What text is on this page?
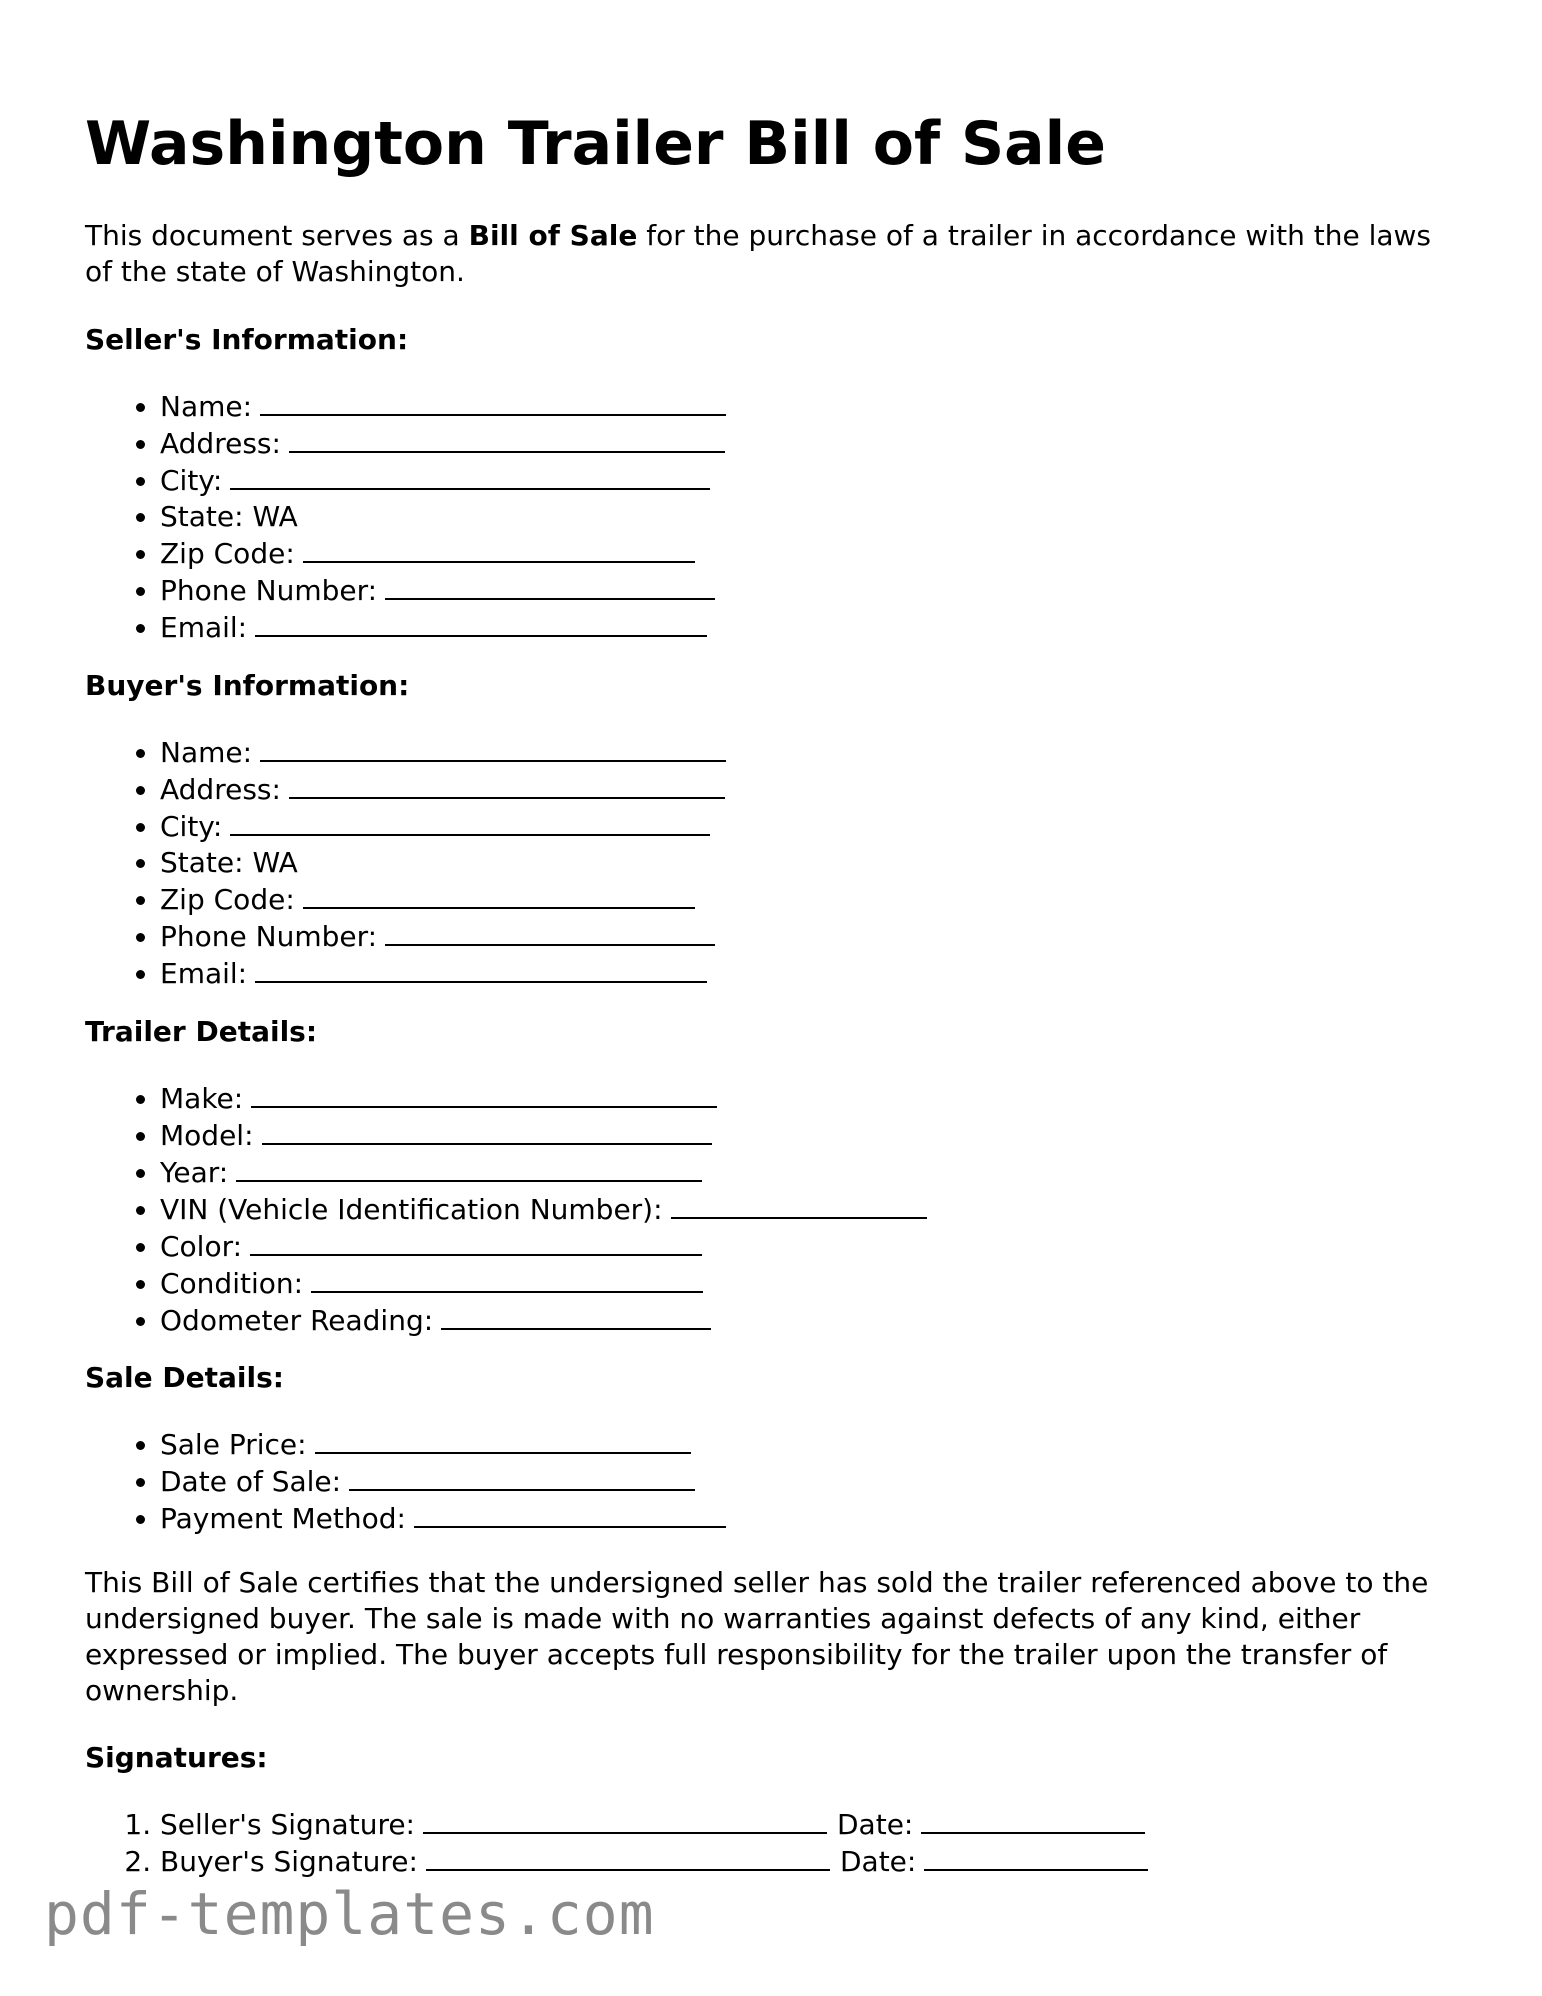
Washington Trailer Bill of Sale

This document serves as a Bill of Sale for the purchase of a trailer in accordance with the laws of the state of Washington.

Seller's Information:
• Name:
• Address:
• City:
• State: WA
• Zip Code:
• Phone Number:
• Email:
Buyer's Information:
• Name:
• Address:
• City:
• State: WA
• Zip Code:
• Phone Number:
• Email:
Trailer Details:
• Make:
• Model:
• Year:
• VIN (Vehicle Identification Number):
• Color:
• Condition:
• Odometer Reading:
Sale Details:
• Sale Price:
• Date of Sale:
• Payment Method:

This Bill of Sale certifies that the undersigned seller has sold the trailer referenced above to the undersigned buyer. The sale is made with no warranties against defects of any kind, either expressed or implied. The buyer accepts full responsibility for the trailer upon the transfer of ownership.

Signatures:
1. Seller's Signature:	Date:
2. Buyer's Signature:	Date:
pdf-templates.com
